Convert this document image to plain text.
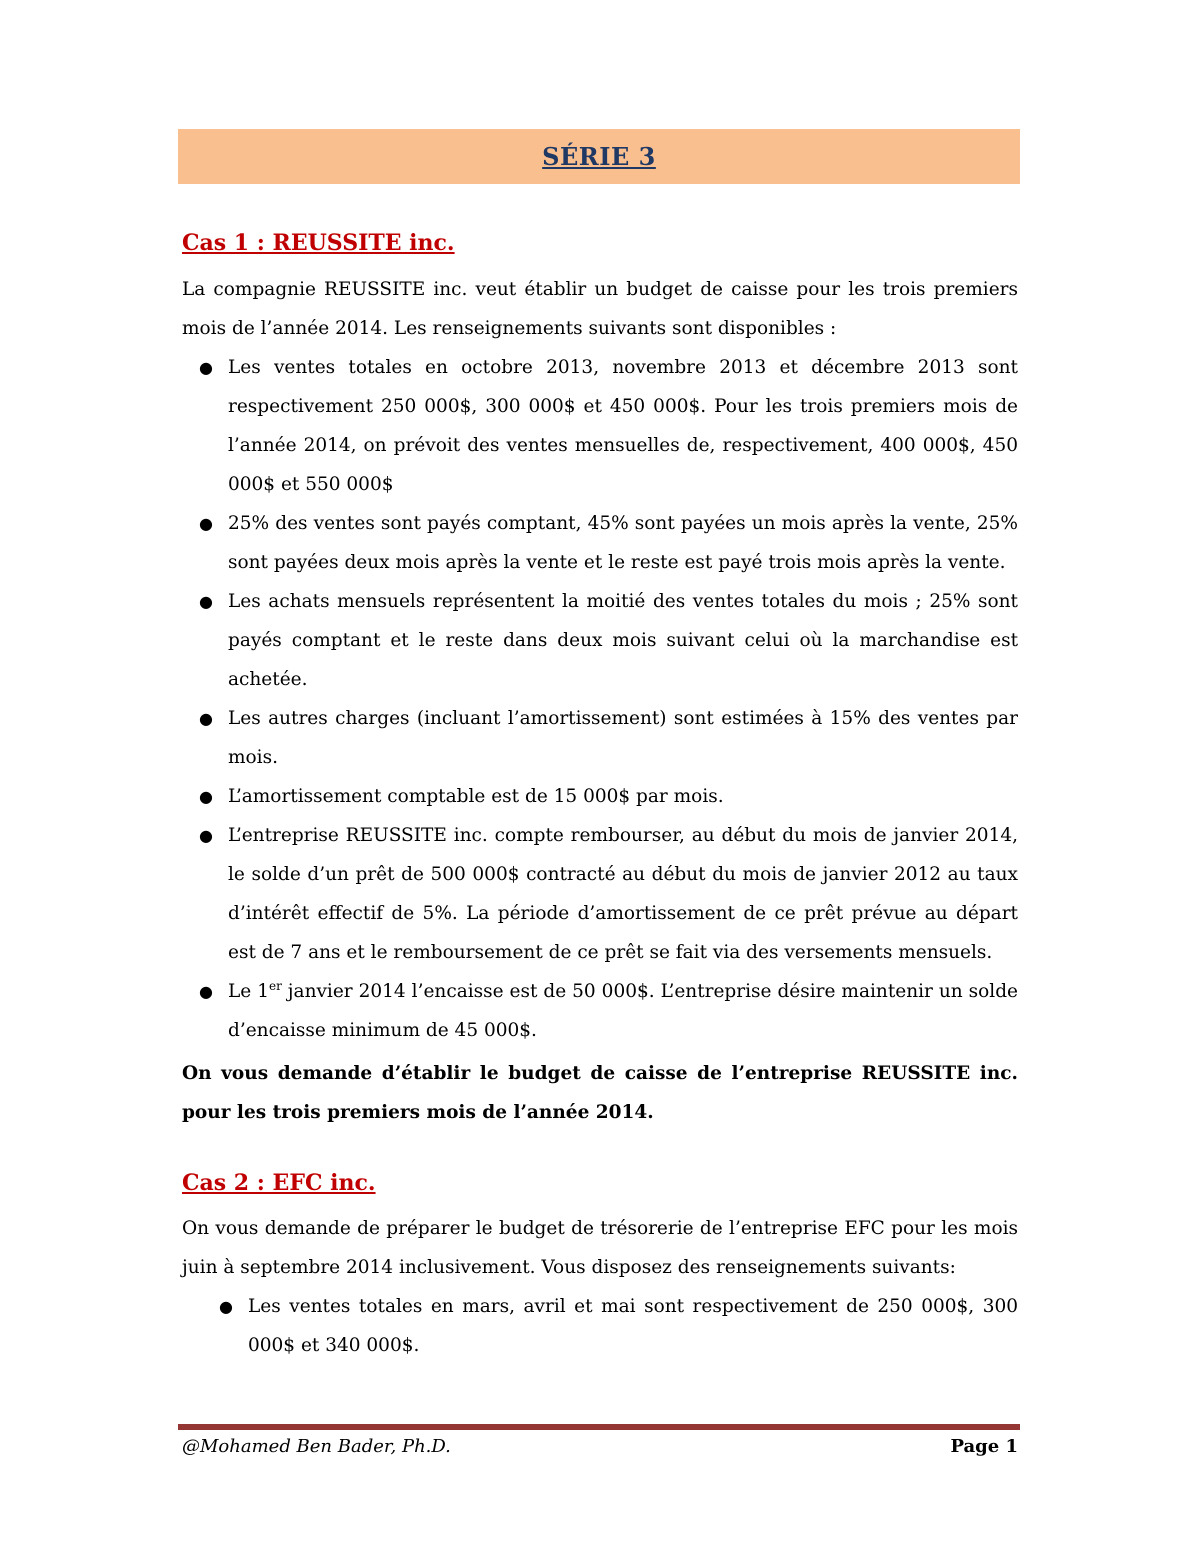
SÉRIE 3
Cas 1 : REUSSITE inc.

La compagnie REUSSITE inc. veut établir un budget de caisse pour les trois premiers mois de l’année 2014. Les renseignements suivants sont disponibles :

● Les ventes totales en octobre 2013, novembre 2013 et décembre 2013 sont respectivement 250 000$, 300 000$ et 450 000$. Pour les trois premiers mois de l’année 2014, on prévoit des ventes mensuelles de, respectivement, 400 000$, 450 000$ et 550 000$
● 25% des ventes sont payés comptant, 45% sont payées un mois après la vente, 25% sont payées deux mois après la vente et le reste est payé trois mois après la vente.
● Les achats mensuels représentent la moitié des ventes totales du mois ; 25% sont payés comptant et le reste dans deux mois suivant celui où la marchandise est achetée.
● Les autres charges (incluant l’amortissement) sont estimées à 15% des ventes par mois.
● L’amortissement comptable est de 15 000$ par mois.
● L’entreprise REUSSITE inc. compte rembourser, au début du mois de janvier 2014, le solde d’un prêt de 500 000$ contracté au début du mois de janvier 2012 au taux d’intérêt effectif de 5%. La période d’amortissement de ce prêt prévue au départ est de 7 ans et le remboursement de ce prêt se fait via des versements mensuels.
● Le 1er janvier 2014 l’encaisse est de 50 000$. L’entreprise désire maintenir un solde d’encaisse minimum de 45 000$.

On vous demande d’établir le budget de caisse de l’entreprise REUSSITE inc. pour les trois premiers mois de l’année 2014.

Cas 2 : EFC inc.

On vous demande de préparer le budget de trésorerie de l’entreprise EFC pour les mois juin à septembre 2014 inclusivement. Vous disposez des renseignements suivants:

● Les ventes totales en mars, avril et mai sont respectivement de 250 000$, 300 000$ et 340 000$.
@Mohamed Ben Bader, Ph.D.	Page 1
